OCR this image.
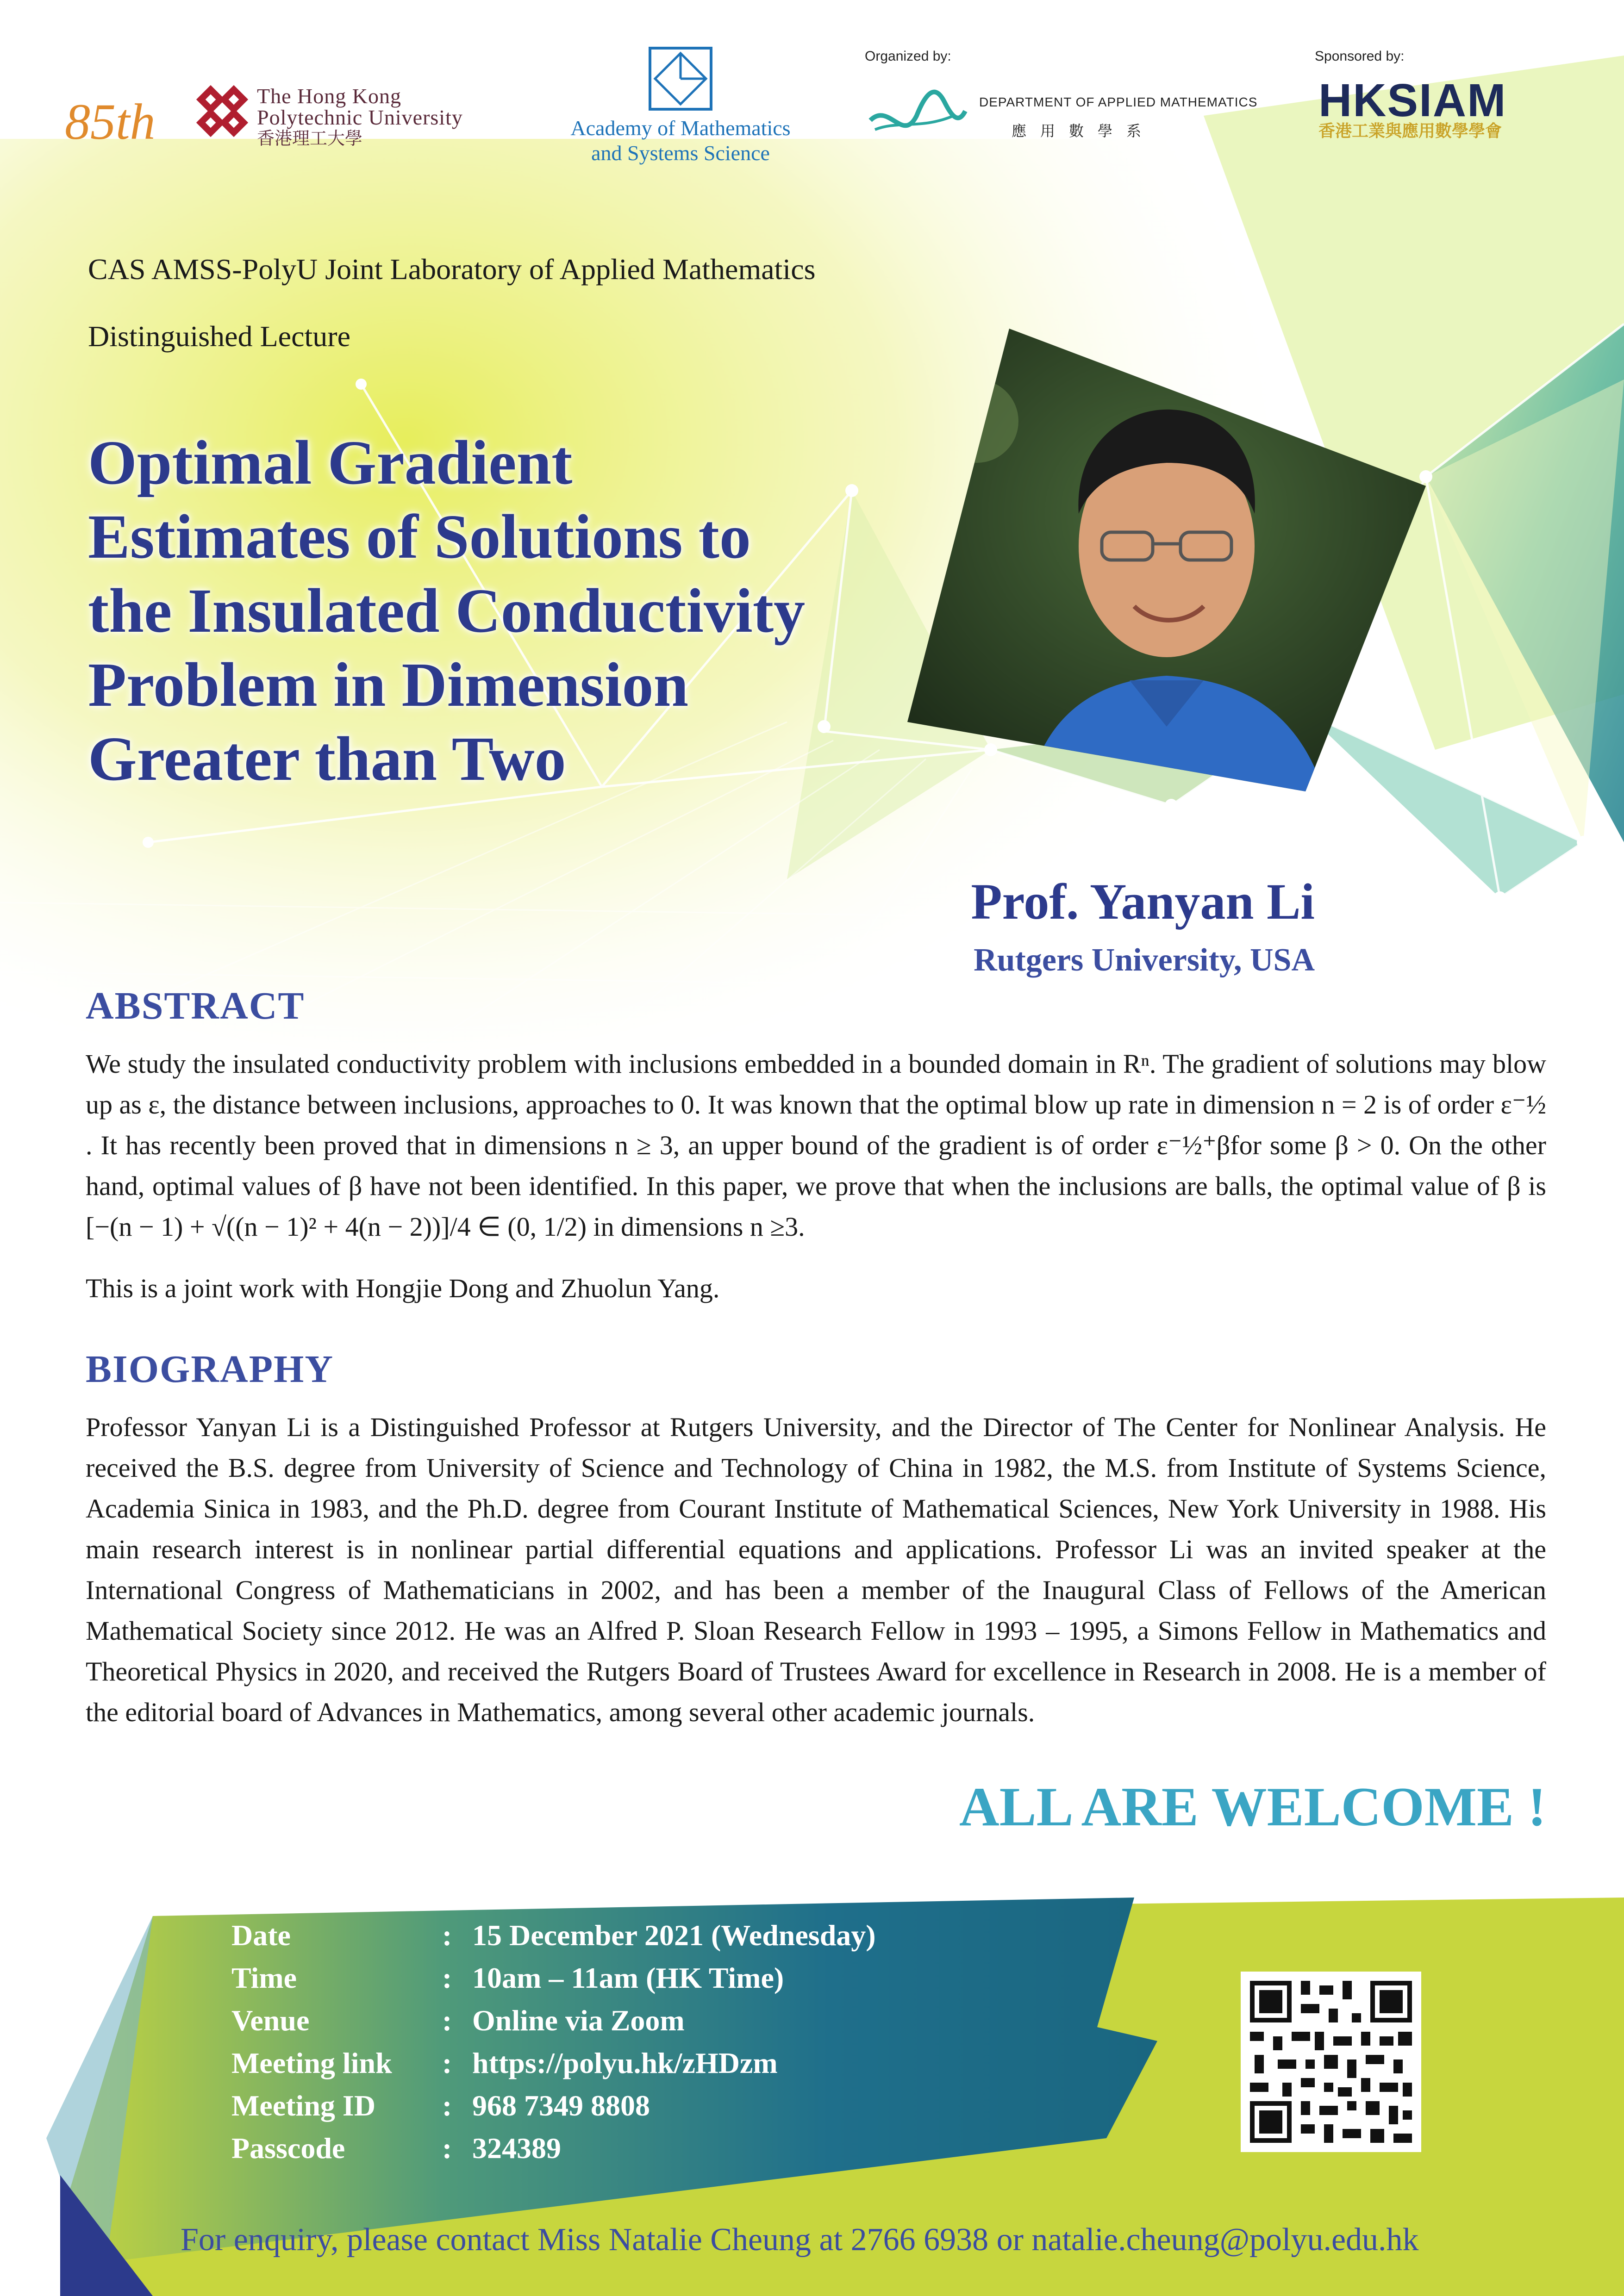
85th	The Hong Kong
Polytechnic University
香港理工大學	Academy of Mathematics
and Systems Science
Organized by:
DEPARTMENT OF APPLIED MATHEMATICS
應用數學系
Sponsored by:
HKSIAM
香港工業與應用數學學會
CAS AMSS-PolyU Joint Laboratory of Applied Mathematics
Distinguished Lecture
Optimal Gradient
Estimates of Solutions to
the Insulated Conductivity
Problem in Dimension
Greater than Two
Prof. Yanyan Li
Rutgers University, USA
ABSTRACT
We study the insulated conductivity problem with inclusions embedded in a bounded domain in Rⁿ. The gradient of solutions may blow up as ε, the distance between inclusions, approaches to 0. It was known that the optimal blow up rate in dimension n = 2 is of order ε⁻½ . It has recently been proved that in dimensions n ≥ 3, an upper bound of the gradient is of order ε⁻½⁺βfor some β > 0. On the other hand, optimal values of β have not been identified. In this paper, we prove that when the inclusions are balls, the optimal value of β is [−(n − 1) + √((n − 1)² + 4(n − 2))]/4 ∈ (0, 1/2) in dimensions n ≥3.
This is a joint work with Hongjie Dong and Zhuolun Yang.
BIOGRAPHY
Professor Yanyan Li is a Distinguished Professor at Rutgers University, and the Director of The Center for Nonlinear Analysis. He received the B.S. degree from University of Science and Technology of China in 1982, the M.S. from Institute of Systems Science, Academia Sinica in 1983, and the Ph.D. degree from Courant Institute of Mathematical Sciences, New York University in 1988. His main research interest is in nonlinear partial differential equations and applications. Professor Li was an invited speaker at the International Congress of Mathematicians in 2002, and has been a member of the Inaugural Class of Fellows of the American Mathematical Society since 2012. He was an Alfred P. Sloan Research Fellow in 1993 – 1995, a Simons Fellow in Mathematics and Theoretical Physics in 2020, and received the Rutgers Board of Trustees Award for excellence in Research in 2008. He is a member of the editorial board of Advances in Mathematics, among several other academic journals.
ALL ARE WELCOME !
Date	: 15 December 2021 (Wednesday)
Time	: 10am – 11am (HK Time)
Venue	: Online via Zoom
Meeting link : https://polyu.hk/zHDzm
Meeting ID : 968 7349 8808
Passcode	: 324389
For enquiry, please contact Miss Natalie Cheung at 2766 6938 or natalie.cheung@polyu.edu.hk
